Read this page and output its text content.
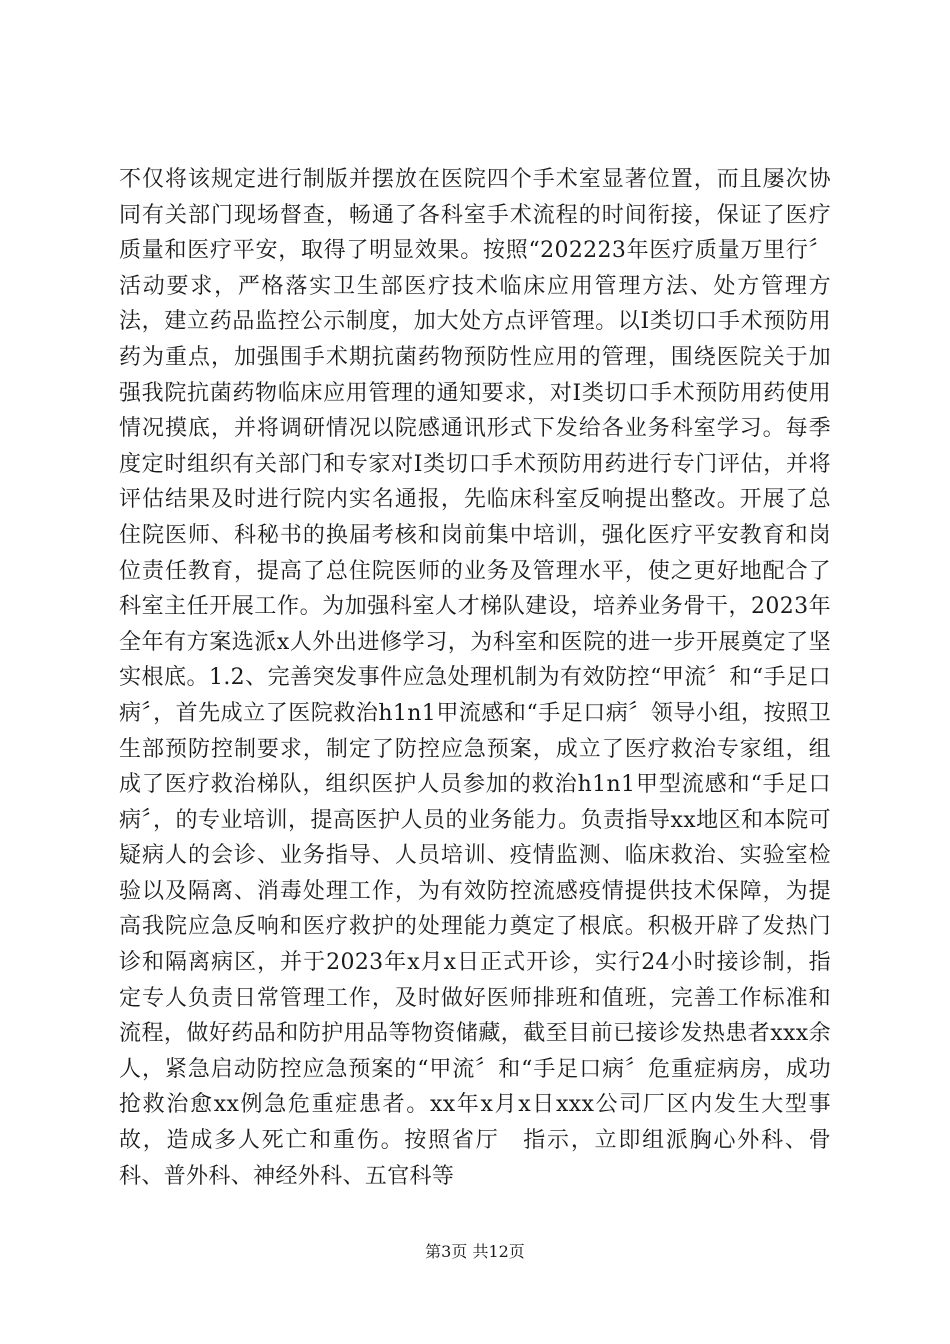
不仅将该规定进行制版并摆放在医院四个手术室显著位置，而且屡次协同有关部门现场督查，畅通了各科室手术流程的时间衔接，保证了医疗质量和医疗平安，取得了明显效果。按照“202223年医疗质量万里行〞活动要求，严格落实卫生部医疗技术临床应用管理方法、处方管理方法，建立药品监控公示制度，加大处方点评管理。以Ⅰ类切口手术预防用药为重点，加强围手术期抗菌药物预防性应用的管理，围绕医院关于加强我院抗菌药物临床应用管理的通知要求，对Ⅰ类切口手术预防用药使用情况摸底，并将调研情况以院感通讯形式下发给各业务科室学习。每季度定时组织有关部门和专家对Ⅰ类切口手术预防用药进行专门评估，并将评估结果及时进行院内实名通报，先临床科室反响提出整改。开展了总住院医师、科秘书的换届考核和岗前集中培训，强化医疗平安教育和岗位责任教育，提高了总住院医师的业务及管理水平，使之更好地配合了科室主任开展工作。为加强科室人才梯队建设，培养业务骨干，2023年全年有方案选派x人外出进修学习，为科室和医院的进一步开展奠定了坚实根底。1.2、完善突发事件应急处理机制为有效防控“甲流〞和“手足口病〞，首先成立了医院救治h1n1甲流感和“手足口病〞领导小组，按照卫生部预防控制要求，制定了防控应急预案，成立了医疗救治专家组，组成了医疗救治梯队，组织医护人员参加的救治h1n1甲型流感和“手足口病〞，的专业培训，提高医护人员的业务能力。负责指导xx地区和本院可疑病人的会诊、业务指导、人员培训、疫情监测、临床救治、实验室检验以及隔离、消毒处理工作，为有效防控流感疫情提供技术保障，为提高我院应急反响和医疗救护的处理能力奠定了根底。积极开辟了发热门诊和隔离病区，并于2023年x月x日正式开诊，实行24小时接诊制，指定专人负责日常管理工作，及时做好医师排班和值班，完善工作标准和流程，做好药品和防护用品等物资储藏，截至目前已接诊发热患者xxx余人，紧急启动防控应急预案的“甲流〞和“手足口病〞危重症病房，成功抢救治愈xx例急危重症患者。xx年x月x日xxx公司厂区内发生大型事故，造成多人死亡和重伤。按照省厅　指示，立即组派胸心外科、骨科、普外科、神经外科、五官科等

第3页 共12页
